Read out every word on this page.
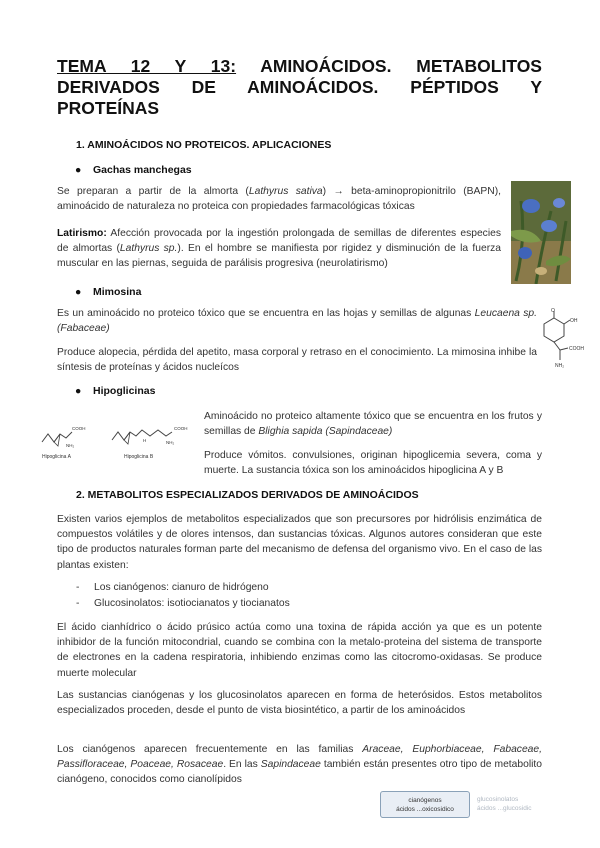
TEMA 12 Y 13: AMINOÁCIDOS. METABOLITOS
DERIVADOS DE AMINOÁCIDOS. PÉPTIDOS Y
PROTEÍNAS
1. AMINOÁCIDOS NO PROTEICOS. APLICACIONES
● Gachas manchegas
Se preparan a partir de la almorta (Lathyrus sativa) → beta-aminopropionitrilo (BAPN), aminoácido de naturaleza no proteica con propiedades farmacológicas tóxicas
Latirismo: Afección provocada por la ingestión prolongada de semillas de diferentes especies de almortas (Lathyrus sp.). En el hombre se manifiesta por rigidez y disminución de la fuerza muscular en las piernas, seguida de parálisis progresiva (neurolatirismo)
● Mimosina
Es un aminoácido no proteico tóxico que se encuentra en las hojas y semillas de algunas Leucaena sp. (Fabaceae)
Produce alopecia, pérdida del apetito, masa corporal y retraso en el conocimiento. La mimosina inhibe la síntesis de proteínas y ácidos nucleícos
O
OH
COOH
NH₂
● Hipoglicinas
COOH
NH₂
Hipoglicina A
COOH
NH₂
H
Hipoglicina B
Aminoácido no proteico altamente tóxico que se encuentra en los frutos y semillas de Blighia sapida (Sapindaceae)
Produce vómitos. convulsiones, originan hipoglicemia severa, coma y muerte. La sustancia tóxica son los aminoácidos hipoglicina A y B
2. METABOLITOS ESPECIALIZADOS DERIVADOS DE AMINOÁCIDOS
Existen varios ejemplos de metabolitos especializados que son precursores por hidrólisis enzimática de compuestos volátiles y de olores intensos, dan sustancias tóxicas. Algunos autores consideran que este tipo de productos naturales forman parte del mecanismo de defensa del organismo vivo. En el caso de las plantas existen:
- Los cianógenos: cianuro de hidrógeno
- Glucosinolatos: isotiocianatos y tiocianatos
El ácido cianhídrico o ácido prúsico actúa como una toxina de rápida acción ya que es un potente inhibidor de la función mitocondrial, cuando se combina con la metalo-proteina del sistema de transporte de electrones en la cadena respiratoria, inhibiendo enzimas como las citocromo-oxidasas. Se produce muerte molecular
Las sustancias cianógenas y los glucosinolatos aparecen en forma de heterósidos. Estos metabolitos especializados proceden, desde el punto de vista biosintético, a partir de los aminoácidos
Los cianógenos aparecen frecuentemente en las familias Araceae, Euphorbiaceae, Fabaceae, Passifloraceae, Poaceae, Rosaceae. En las Sapindaceae también están presentes otro tipo de metabolito cianógeno, conocidos como cianolípidos
cianógenos
ácidos ...oxicosidico
glucosinolatos
ácidos ...glucosidic
